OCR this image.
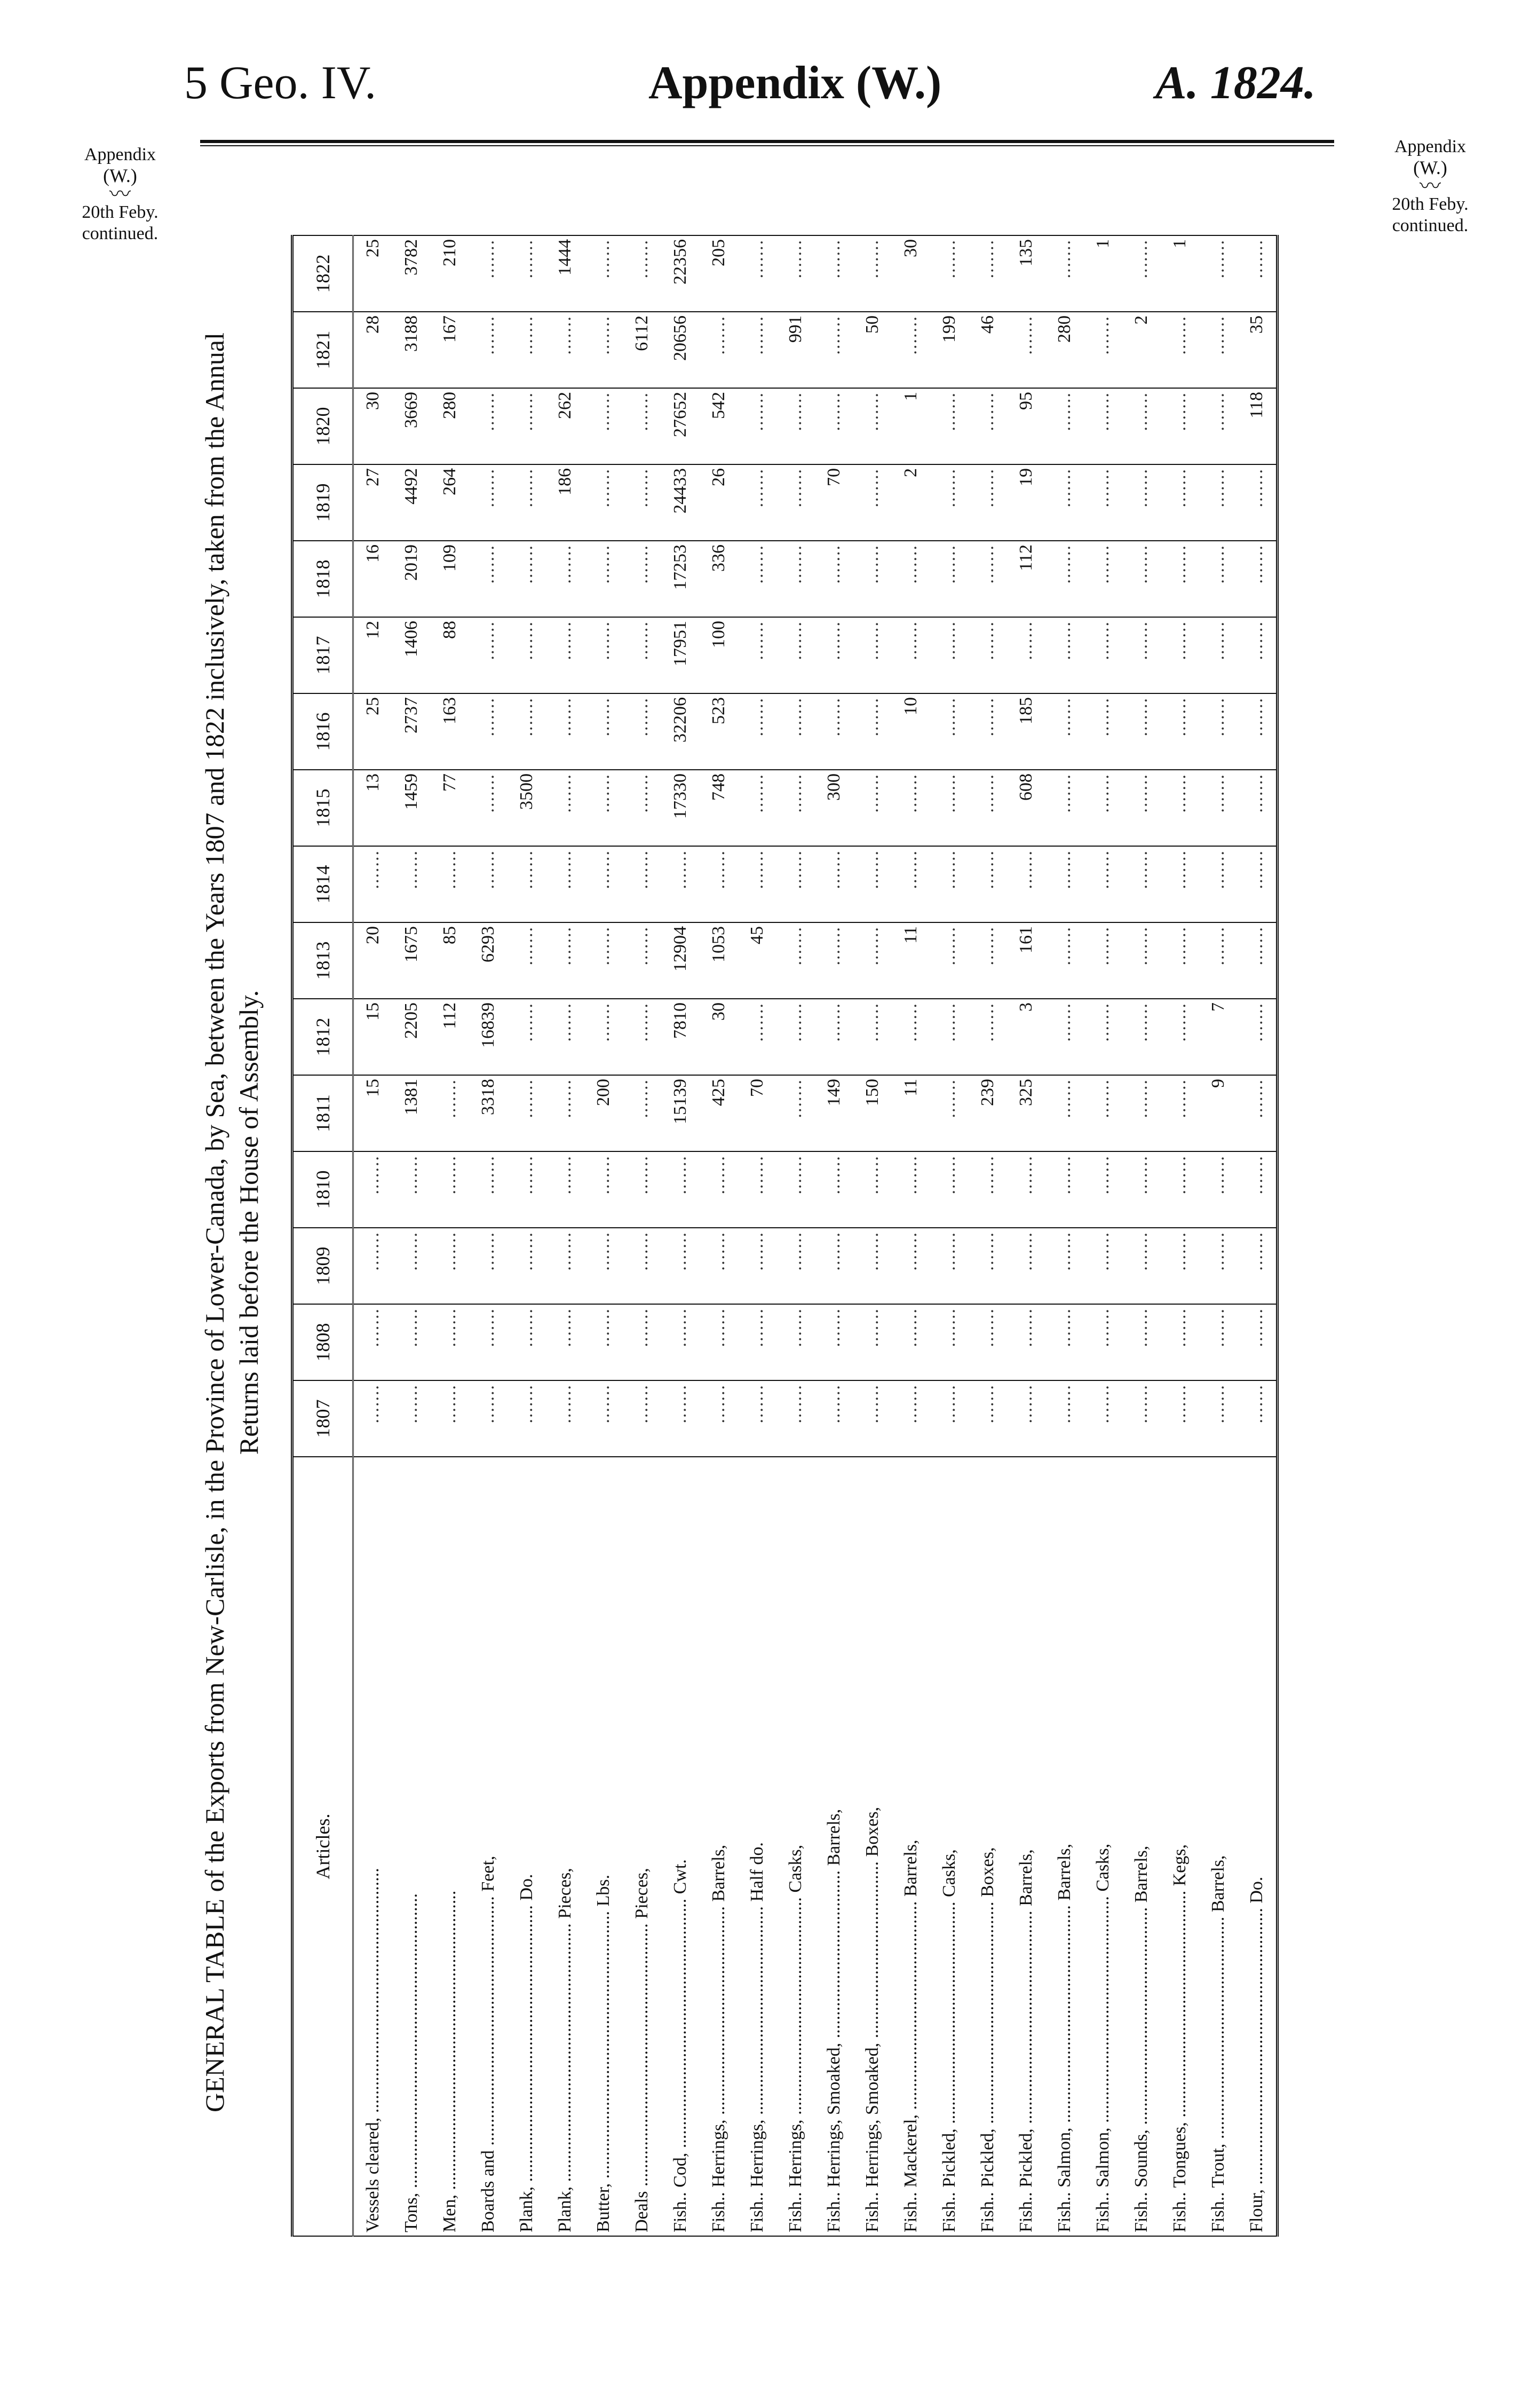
5 Geo. IV.	Appendix (W.)	A. 1824.
Appendix
(W.)
〰
20th Feby.
continued.
Appendix
(W.)
〰
20th Feby.
continued.
GENERAL TABLE of the Exports from New-Carlisle, in the Province of Lower-Canada, by Sea, between the Years 1807 and 1822 inclusively, taken from the Annual Returns laid before the House of Assembly.
Articles.	1807	1808	1809	1810	1811	1812	1813	1814	1815	1816	1817	1818	1819	1820	1821	1822
Vessels cleared, ......................................................	.......	.......	.......	.......	15	15	20	.......	13	25	12	16	27	30	28	25
Tons, .................................................................	.......	.......	.......	.......	1381	2205	1675	.......	1459	2737	1406	2019	4492	3669	3188	3782
Men, ..................................................................	.......	.......	.......	.......	.......	112	85	.......	77	163	88	109	264	280	167	210
Boards and ....................................................... Feet,	.......	.......	.......	.......	3318	16839	6293	.......	.......	.......	.......	.......	.......	.......	.......	.......
Plank, ............................................................. Do.	.......	.......	.......	.......	.......	.......	.......	.......	3500	.......	.......	.......	.......	.......	.......	.......
Plank, ......................................................... Pieces,	.......	.......	.......	.......	.......	.......	.......	.......	.......	.......	.......	.......	186	262	.......	1444
Butter, ........................................................... Lbs.	.......	.......	.......	.......	200	.......	.......	.......	.......	.......	.......	.......	.......	.......	.......	.......
Deals .......................................................... Pieces,	.......	.......	.......	.......	.......	.......	.......	.......	.......	.......	.......	.......	.......	.......	6112	.......
Fish.. Cod, ....................................................... Cwt.	.......	.......	.......	.......	15139	7810	12904	.......	17330	32206	17951	17253	24433	27652	20656	22356
Fish.. Herrings, .............................................. Barrels,	.......	.......	.......	.......	425	30	1053	.......	748	523	100	336	26	542	.......	205
Fish.. Herrings, .............................................. Half do.	.......	.......	.......	.......	70	.......	45	.......	.......	.......	.......	.......	.......	.......	.......	.......
Fish.. Herrings, ................................................ Casks,	.......	.......	.......	.......	.......	.......	.......	.......	.......	.......	.......	.......	.......	.......	991	.......
Fish.. Herrings, Smoaked, ..................................... Barrels,	.......	.......	.......	.......	149	.......	.......	.......	300	.......	.......	.......	70	.......	.......	.......
Fish.. Herrings, Smoaked, ....................................... Boxes,	.......	.......	.......	.......	150	.......	.......	.......	.......	.......	.......	.......	.......	.......	50	.......
Fish.. Mackerel, .............................................. Barrels,	.......	.......	.......	.......	11	.......	11	.......	.......	10	.......	.......	2	1	.......	30
Fish.. Pickled, ................................................. Casks,	.......	.......	.......	.......	.......	.......	.......	.......	.......	.......	.......	.......	.......	.......	199	.......
Fish.. Pickled, ................................................. Boxes,	.......	.......	.......	.......	239	.......	.......	.......	.......	.......	.......	.......	.......	.......	46	.......
Fish.. Pickled, ............................................... Barrels,	.......	.......	.......	.......	325	3	161	.......	608	185	.......	112	19	95	.......	135
Fish.. Salmon, ................................................ Barrels,	.......	.......	.......	.......	.......	.......	.......	.......	.......	.......	.......	.......	.......	.......	280	.......
Fish.. Salmon, .................................................. Casks,	.......	.......	.......	.......	.......	.......	.......	.......	.......	.......	.......	.......	.......	.......	.......	1
Fish.. Sounds, ................................................ Barrels,	.......	.......	.......	.......	.......	.......	.......	.......	.......	.......	.......	.......	.......	.......	2	.......
Fish.. Tongues, .................................................. Kegs,	.......	.......	.......	.......	.......	.......	.......	.......	.......	.......	.......	.......	.......	.......	.......	1
Fish.. Trout, ................................................. Barrels,	.......	.......	.......	.......	9	7	.......	.......	.......	.......	.......	.......	.......	.......	.......	.......
Flour, ............................................................. Do.	.......	.......	.......	.......	.......	.......	.......	.......	.......	.......	.......	.......	.......	118	35	.......
